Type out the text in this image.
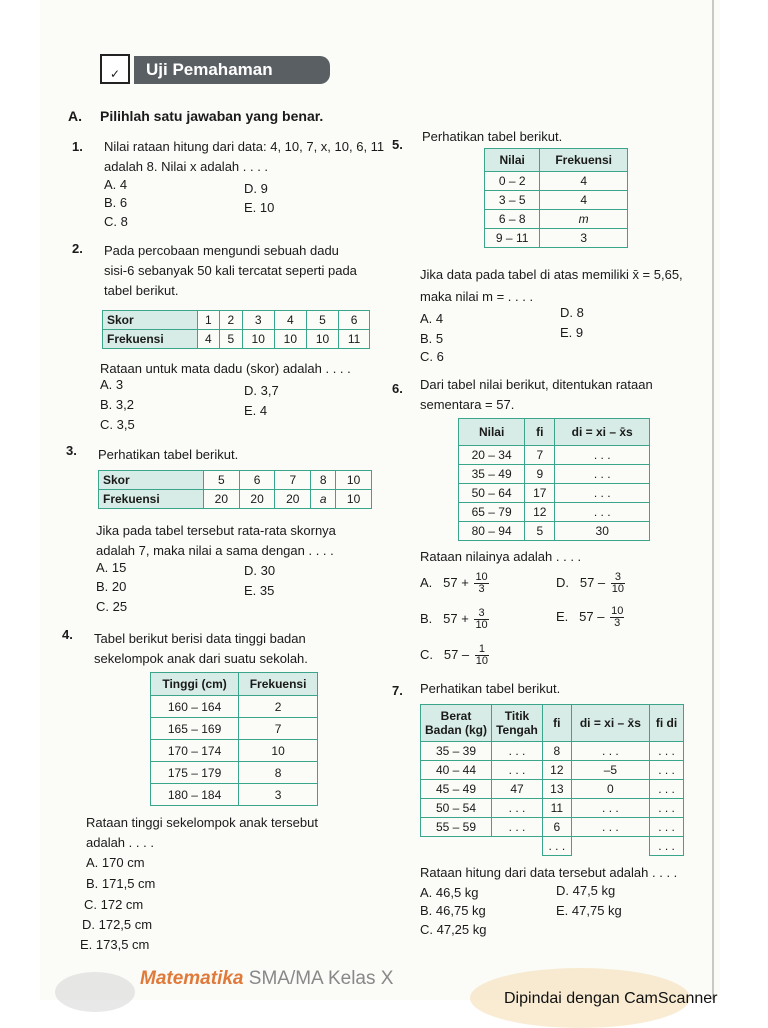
✓	Uji Pemahaman
A. Pilihlah satu jawaban yang benar.
1. Nilai rataan hitung dari data: 4, 10, 7, x, 10, 6, 11
adalah 8. Nilai x adalah . . . .
A. 4
B. 6
C. 8
D. 9
E. 10
2. Pada percobaan mengundi sebuah dadu
sisi-6 sebanyak 50 kali tercatat seperti pada
tabel berikut.
Skor	1	2	3	4	5	6
Frekuensi	4	5	10	10	10	11
Rataan untuk mata dadu (skor) adalah . . . .
A. 3
B. 3,2
C. 3,5
D. 3,7
E. 4
3. Perhatikan tabel berikut.
Skor	5	6	7	8	10
Frekuensi	20	20	20	a	10
Jika pada tabel tersebut rata-rata skornya
adalah 7, maka nilai a sama dengan . . . .
A. 15
B. 20
C. 25
D. 30
E. 35
4. Tabel berikut berisi data tinggi badan
sekelompok anak dari suatu sekolah.
Tinggi (cm)	Frekuensi
160 – 164	2
165 – 169	7
170 – 174	10
175 – 179	8
180 – 184	3
Rataan tinggi sekelompok anak tersebut
adalah . . . .
A. 170 cm
B. 171,5 cm
C. 172 cm
D. 172,5 cm
E. 173,5 cm
5.
Perhatikan tabel berikut.
Nilai	Frekuensi
0 – 2	4
3 – 5	4
6 – 8	m
9 – 11	3
Jika data pada tabel di atas memiliki x̄ = 5,65,
maka nilai m = . . . .
A. 4
B. 5
C. 6
D. 8
E. 9
6. Dari tabel nilai berikut, ditentukan rataan
sementara = 57.
Nilai	fi	di = xi – x̄s
20 – 34	7	. . .
35 – 49	9	. . .
50 – 64	17	. . .
65 – 79	12	. . .
80 – 94	5	30
Rataan nilainya adalah . . . .
A. $57 + \frac{10}{3}$
B. $57 + \frac{3}{10}$
C. $57 - \frac{1}{10}$
D. $57 - \frac{3}{10}$
E. $57 - \frac{10}{3}$
7. Perhatikan tabel berikut.
Berat Badan (kg)	Titik Tengah	fi	di = xi – x̄s	fi di
35 – 39	. . .	8	. . .	. . .
40 – 44	. . .	12	–5	. . .
45 – 49	47	13	0	. . .
50 – 54	. . .	11	. . .	. . .
55 – 59	. . .	6	. . .	. . .
		. . .		. . .
Rataan hitung dari data tersebut adalah . . . .
A. 46,5 kg
B. 46,75 kg
C. 47,25 kg
D. 47,5 kg
E. 47,75 kg
Matematika SMA/MA Kelas X
Dipindai dengan CamScanner
